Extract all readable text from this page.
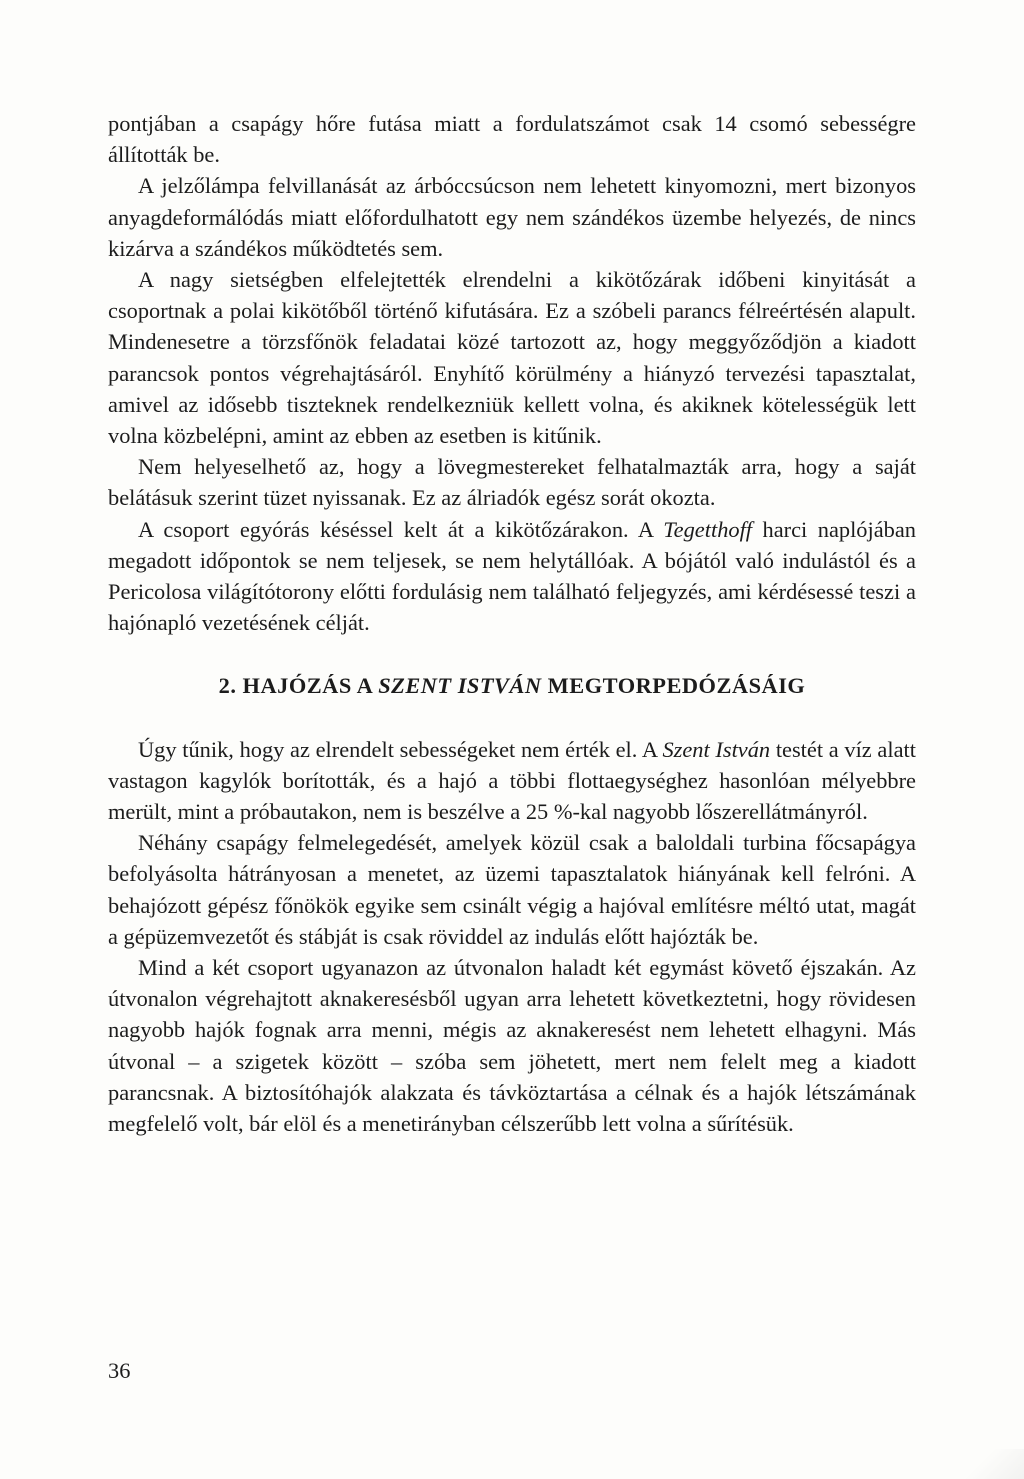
pontjában a csapágy hőre futása miatt a fordulatszámot csak 14 csomó sebességre állították be.

A jelzőlámpa felvillanását az árbóccsúcson nem lehetett kinyomozni, mert bizonyos anyagdeformálódás miatt előfordulhatott egy nem szándékos üzembe helyezés, de nincs kizárva a szándékos működtetés sem.

A nagy sietségben elfelejtették elrendelni a kikötőzárak időbeni kinyitását a csoportnak a polai kikötőből történő kifutására. Ez a szóbeli parancs félreértésén alapult. Mindenesetre a törzsfőnök feladatai közé tartozott az, hogy meggyőződjön a kiadott parancsok pontos végrehajtásáról. Enyhítő körülmény a hiányzó tervezési tapasztalat, amivel az idősebb tiszteknek rendelkezniük kellett volna, és akiknek kötelességük lett volna közbelépni, amint az ebben az esetben is kitűnik.

Nem helyeselhető az, hogy a lövegmestereket felhatalmazták arra, hogy a saját belátásuk szerint tüzet nyissanak. Ez az álriadók egész sorát okozta.

A csoport egyórás késéssel kelt át a kikötőzárakon. A Tegetthoff harci naplójában megadott időpontok se nem teljesek, se nem helytállóak. A bójától való indulástól és a Pericolosa világítótorony előtti fordulásig nem található feljegyzés, ami kérdésessé teszi a hajónapló vezetésének célját.

2. HAJÓZÁS A SZENT ISTVÁN MEGTORPEDÓZÁSÁIG

Úgy tűnik, hogy az elrendelt sebességeket nem érték el. A Szent István testét a víz alatt vastagon kagylók borították, és a hajó a többi flottaegységhez hasonlóan mélyebbre merült, mint a próbautakon, nem is beszélve a 25 %-kal nagyobb lőszerellátmányról.

Néhány csapágy felmelegedését, amelyek közül csak a baloldali turbina főcsapágya befolyásolta hátrányosan a menetet, az üzemi tapasztalatok hiányának kell felróni. A behajózott gépész főnökök egyike sem csinált végig a hajóval említésre méltó utat, magát a gépüzemvezetőt és stábját is csak röviddel az indulás előtt hajózták be.

Mind a két csoport ugyanazon az útvonalon haladt két egymást követő éjszakán. Az útvonalon végrehajtott aknakeresésből ugyan arra lehetett következtetni, hogy rövidesen nagyobb hajók fognak arra menni, mégis az aknakeresést nem lehetett elhagyni. Más útvonal – a szigetek között – szóba sem jöhetett, mert nem felelt meg a kiadott parancsnak. A biztosítóhajók alakzata és távköztartása a célnak és a hajók létszámának megfelelő volt, bár elöl és a menetirányban célszerűbb lett volna a sűrítésük.

36
